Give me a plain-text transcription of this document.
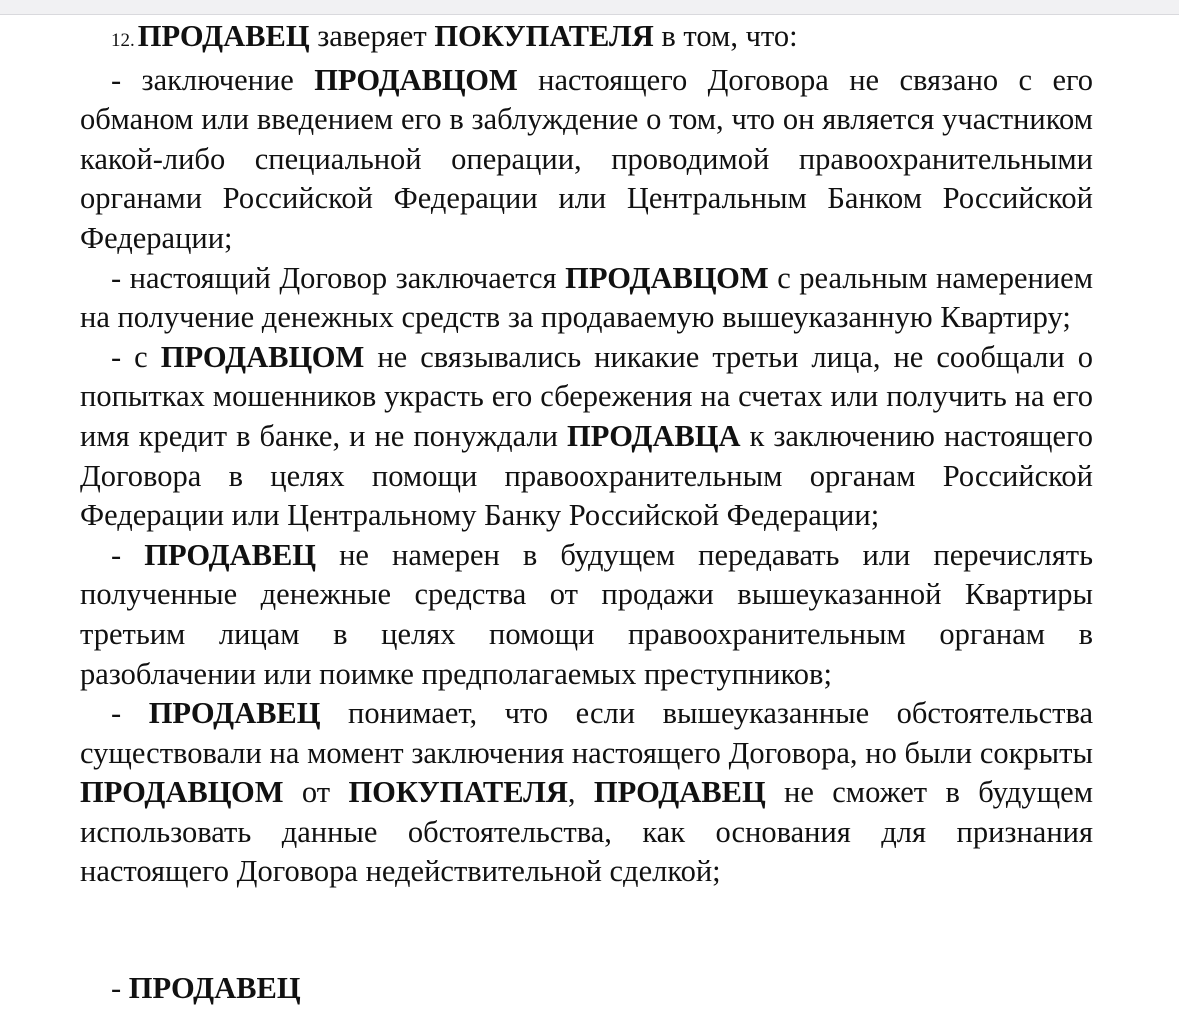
12.ПРОДАВЕЦ заверяет ПОКУПАТЕЛЯ в том, что:

- заключение ПРОДАВЦОМ настоящего Договора не связано с его обманом или введением его в заблуждение о том, что он является участником какой-либо специальной операции, проводимой правоохранительными органами Российской Федерации или Центральным Банком Российской Федерации;

- настоящий Договор заключается ПРОДАВЦОМ с реальным намерением на получение денежных средств за продаваемую вышеуказанную Квартиру;

- с ПРОДАВЦОМ не связывались никакие третьи лица, не сообщали о попытках мошенников украсть его сбережения на счетах или получить на его имя кредит в банке, и не понуждали ПРОДАВЦА к заключению настоящего Договора в целях помощи правоохранительным органам Российской Федерации или Центральному Банку Российской Федерации;

- ПРОДАВЕЦ не намерен в будущем передавать или перечислять полученные денежные средства от продажи вышеуказанной Квартиры третьим лицам в целях помощи правоохранительным органам в разоблачении или поимке предполагаемых преступников;

- ПРОДАВЕЦ понимает, что если вышеуказанные обстоятельства существовали на момент заключения настоящего Договора, но были сокрыты ПРОДАВЦОМ от ПОКУПАТЕЛЯ, ПРОДАВЕЦ не сможет в будущем использовать данные обстоятельства, как основания для признания настоящего Договора недействительной сделкой;

- ПРОДАВЕЦ
